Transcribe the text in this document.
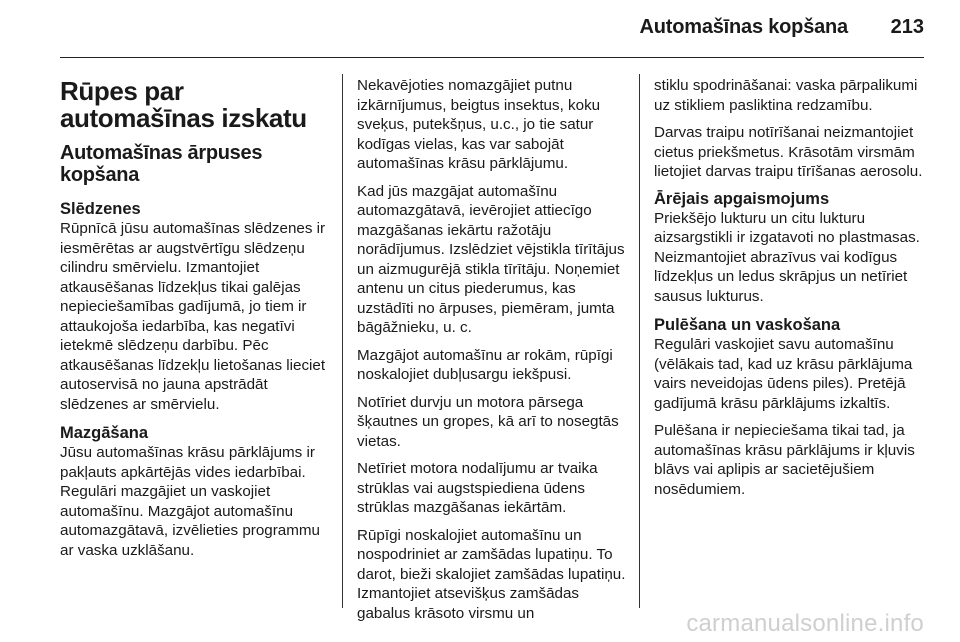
Automašīnas kopšana 213
Rūpes par automašīnas izskatu
Automašīnas ārpuses kopšana
Slēdzenes

Rūpnīcā jūsu automašīnas slēdzenes ir iesmērētas ar augstvērtīgu slēdzeņu cilindru smērvielu. Izmantojiet atkausēšanas līdzekļus tikai galējas nepieciešamības gadījumā, jo tiem ir attaukojoša iedarbība, kas negatīvi ietekmē slēdzeņu darbību. Pēc atkausēšanas līdzekļu lietošanas lieciet autoservisā no jauna apstrādāt slēdzenes ar smērvielu.

Mazgāšana

Jūsu automašīnas krāsu pārklājums ir pakļauts apkārtējās vides iedarbībai. Regulāri mazgājiet un vaskojiet automašīnu. Mazgājot automašīnu automazgātavā, izvēlieties programmu ar vaska uzklāšanu.

Nekavējoties nomazgājiet putnu izkārnījumus, beigtus insektus, koku sveķus, putekšņus, u.c., jo tie satur kodīgas vielas, kas var sabojāt automašīnas krāsu pārklājumu.

Kad jūs mazgājat automašīnu automazgātavā, ievērojiet attiecīgo mazgāšanas iekārtu ražotāju norādījumus. Izslēdziet vējstikla tīrītājus un aizmugurējā stikla tīrītāju. Noņemiet antenu un citus piederumus, kas uzstādīti no ārpuses, piemēram, jumta bāgāžnieku, u. c.

Mazgājot automašīnu ar rokām, rūpīgi noskalojiet dubļusargu iekšpusi.

Notīriet durvju un motora pārsega šķautnes un gropes, kā arī to nosegtās vietas.

Netīriet motora nodalījumu ar tvaika strūklas vai augstspiediena ūdens strūklas mazgāšanas iekārtām.

Rūpīgi noskalojiet automašīnu un nospodriniet ar zamšādas lupatiņu. To darot, bieži skalojiet zamšādas lupatiņu. Izmantojiet atsevišķus zamšādas gabalus krāsoto virsmu un

stiklu spodrināšanai: vaska pārpalikumi uz stikliem pasliktina redzamību.

Darvas traipu notīrīšanai neizmantojiet cietus priekšmetus. Krāsotām virsmām lietojiet darvas traipu tīrīšanas aerosolu.

Ārējais apgaismojums

Priekšējo lukturu un citu lukturu aizsargstikli ir izgatavoti no plastmasas. Neizmantojiet abrazīvus vai kodīgus līdzekļus un ledus skrāpjus un netīriet sausus lukturus.

Pulēšana un vaskošana

Regulāri vaskojiet savu automašīnu (vēlākais tad, kad uz krāsu pārklājuma vairs neveidojas ūdens piles). Pretējā gadījumā krāsu pārklājums izkaltīs.

Pulēšana ir nepieciešama tikai tad, ja automašīnas krāsu pārklājums ir kļuvis blāvs vai aplipis ar sacietējušiem nosēdumiem.

carmanualsonline.info
